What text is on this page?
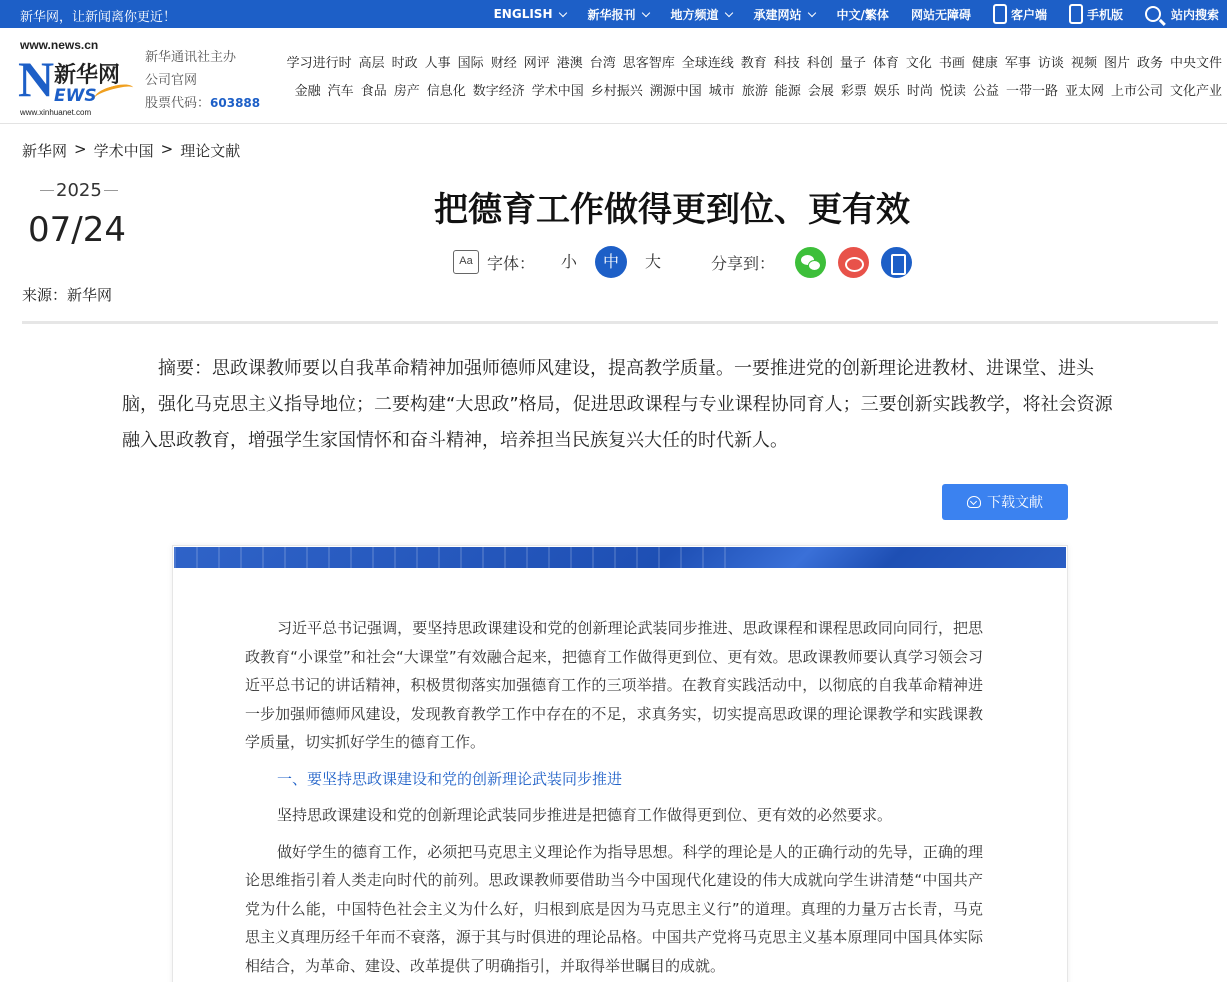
新华网，让新闻离你更近！	ENGLISH	新华报刊	地方频道	承建网站	中文/繁体 网站无障碍	客户端	手机版	站内搜索
www.news.cn
N 新华网
EWS
www.xinhuanet.com
新华通讯社主办
公司官网
股票代码：603888
学习进行时 高层 时政 人事 国际 财经 网评 港澳 台湾 思客智库 全球连线 教育 科技 科创 量子 体育 文化 书画 健康 军事 访谈 视频 图片 政务 中央文件
金融 汽车 食品 房产 信息化 数字经济 学术中国 乡村振兴 溯源中国 城市 旅游 能源 会展 彩票 娱乐 时尚 悦读 公益 一带一路 亚太网 上市公司 文化产业
新华网 > 学术中国 > 理论文献
2025
07/24
来源：新华网
把德育工作做得更到位、更有效
Aa 字体：	小	中	大	分享到：

摘要：思政课教师要以自我革命精神加强师德师风建设，提高教学质量。一要推进党的创新理论进教材、进课堂、进头脑，强化马克思主义指导地位；二要构建“大思政”格局，促进思政课程与专业课程协同育人；三要创新实践教学，将社会资源融入思政教育，增强学生家国情怀和奋斗精神，培养担当民族复兴大任的时代新人。

下载文献

习近平总书记强调，要坚持思政课建设和党的创新理论武装同步推进、思政课程和课程思政同向同行，把思政教育“小课堂”和社会“大课堂”有效融合起来，把德育工作做得更到位、更有效。思政课教师要认真学习领会习近平总书记的讲话精神，积极贯彻落实加强德育工作的三项举措。在教育实践活动中，以彻底的自我革命精神进一步加强师德师风建设，发现教育教学工作中存在的不足，求真务实，切实提高思政课的理论课教学和实践课教学质量，切实抓好学生的德育工作。

一、要坚持思政课建设和党的创新理论武装同步推进

坚持思政课建设和党的创新理论武装同步推进是把德育工作做得更到位、更有效的必然要求。

做好学生的德育工作，必须把马克思主义理论作为指导思想。科学的理论是人的正确行动的先导，正确的理论思维指引着人类走向时代的前列。思政课教师要借助当今中国现代化建设的伟大成就向学生讲清楚“中国共产党为什么能，中国特色社会主义为什么好，归根到底是因为马克思主义行”的道理。真理的力量万古长青，马克思主义真理历经千年而不衰落，源于其与时俱进的理论品格。中国共产党将马克思主义基本原理同中国具体实际相结合，为革命、建设、改革提供了明确指引，并取得举世瞩目的成就。
